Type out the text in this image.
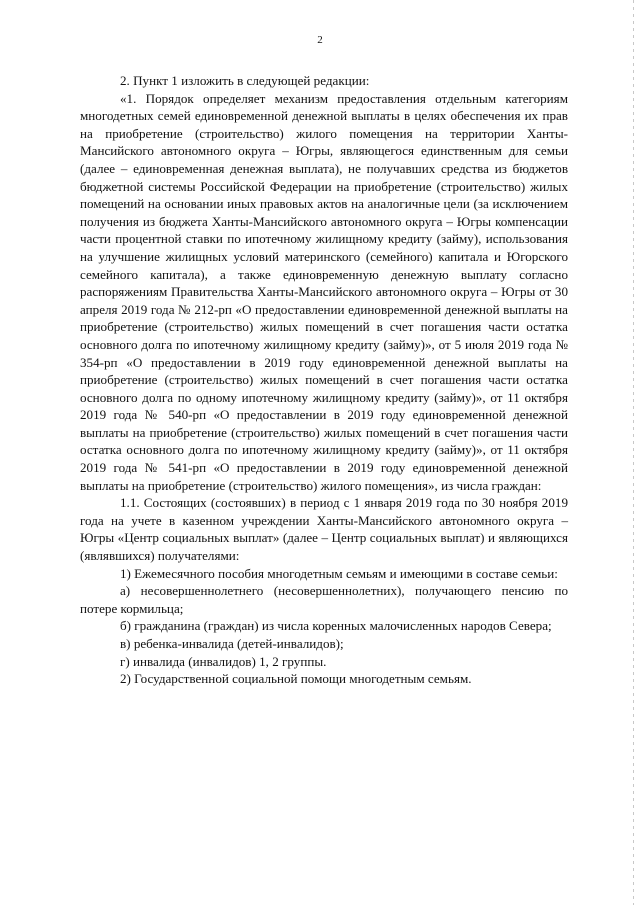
2

2. Пункт 1 изложить в следующей редакции:

«1. Порядок определяет механизм предоставления отдельным категориям многодетных семей единовременной денежной выплаты в целях обеспечения их прав на приобретение (строительство) жилого помещения на территории Ханты-Мансийского автономного округа – Югры, являющегося единственным для семьи (далее – единовременная денежная выплата), не получавших средства из бюджетов бюджетной системы Российской Федерации на приобретение (строительство) жилых помещений на основании иных правовых актов на аналогичные цели (за исключением получения из бюджета Ханты-Мансийского автономного округа – Югры компенсации части процентной ставки по ипотечному жилищному кредиту (займу), использования на улучшение жилищных условий материнского (семейного) капитала и Югорского семейного капитала), а также единовременную денежную выплату согласно распоряжениям Правительства Ханты-Мансийского автономного округа – Югры от 30 апреля 2019 года № 212-рп «О предоставлении единовременной денежной выплаты на приобретение (строительство) жилых помещений в счет погашения части остатка основного долга по ипотечному жилищному кредиту (займу)», от 5 июля 2019 года № 354-рп «О предоставлении в 2019 году единовременной денежной выплаты на приобретение (строительство) жилых помещений в счет погашения части остатка основного долга по одному ипотечному жилищному кредиту (займу)», от 11 октября 2019 года № 540-рп «О предоставлении в 2019 году единовременной денежной выплаты на приобретение (строительство) жилых помещений в счет погашения части остатка основного долга по ипотечному жилищному кредиту (займу)», от 11 октября 2019 года № 541-рп «О предоставлении в 2019 году единовременной денежной выплаты на приобретение (строительство) жилого помещения», из числа граждан:

1.1. Состоящих (состоявших) в период с 1 января 2019 года по 30 ноября 2019 года на учете в казенном учреждении Ханты-Мансийского автономного округа – Югры «Центр социальных выплат» (далее – Центр социальных выплат) и являющихся (являвшихся) получателями:

1) Ежемесячного пособия многодетным семьям и имеющими в составе семьи:

а) несовершеннолетнего (несовершеннолетних), получающего пенсию по потере кормильца;

б) гражданина (граждан) из числа коренных малочисленных народов Севера;

в) ребенка-инвалида (детей-инвалидов);

г) инвалида (инвалидов) 1, 2 группы.

2) Государственной социальной помощи многодетным семьям.
